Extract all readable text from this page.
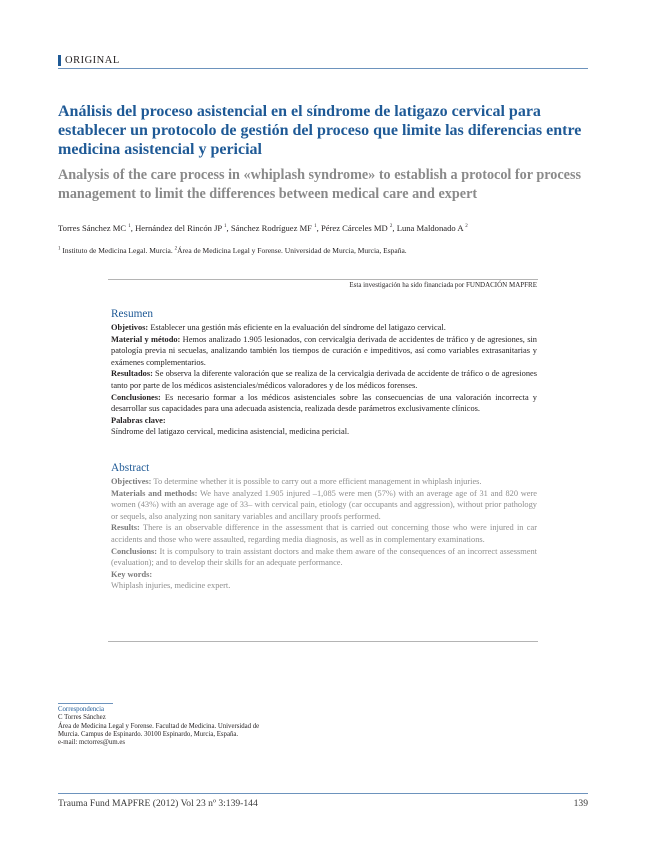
ORIGINAL
Análisis del proceso asistencial en el síndrome de latigazo cervical para establecer un protocolo de gestión del proceso que limite las diferencias entre medicina asistencial y pericial
Analysis of the care process in «whiplash syndrome» to establish a protocol for process management to limit the differences between medical care and expert
Torres Sánchez MC $^1$, Hernández del Rincón JP $^1$, Sánchez Rodríguez MF $^1$, Pérez Cárceles MD $^2$, Luna Maldonado A $^2$
$^1$ Instituto de Medicina Legal. Murcia. $^2$Área de Medicina Legal y Forense. Universidad de Murcia, Murcia, España.
Esta investigación ha sido financiada por FUNDACIÓN MAPFRE
Resumen

Objetivos: Establecer una gestión más eficiente en la evaluación del síndrome del latigazo cervical.

Material y método: Hemos analizado 1.905 lesionados, con cervicalgia derivada de accidentes de tráfico y de agresiones, sin patología previa ni secuelas, analizando también los tiempos de curación e impeditivos, así como variables extrasanitarias y exámenes complementarios.

Resultados: Se observa la diferente valoración que se realiza de la cervicalgia derivada de accidente de tráfico o de agresiones tanto por parte de los médicos asistenciales/médicos valoradores y de los médicos forenses.

Conclusiones: Es necesario formar a los médicos asistenciales sobre las consecuencias de una valoración incorrecta y desarrollar sus capacidades para una adecuada asistencia, realizada desde parámetros exclusivamente clínicos.

Palabras clave:

Síndrome del latigazo cervical, medicina asistencial, medicina pericial.

Abstract

Objectives: To determine whether it is possible to carry out a more efficient management in whiplash injuries.

Materials and methods: We have analyzed 1.905 injured –1,085 were men (57%) with an average age of 31 and 820 were women (43%) with an average age of 33– with cervical pain, etiology (car occupants and aggression), without prior pathology or sequels, also analyzing non sanitary variables and ancillary proofs performed.

Results: There is an observable difference in the assessment that is carried out concerning those who were injured in car accidents and those who were assaulted, regarding media diagnosis, as well as in complementary examinations.

Conclusions: It is compulsory to train assistant doctors and make them aware of the consequences of an incorrect assessment (evaluation); and to develop their skills for an adequate performance.

Key words:

Whiplash injuries, medicine expert.

Correspondencia
C Torres Sánchez
Área de Medicina Legal y Forense. Facultad de Medicina. Universidad de
Murcia. Campus de Espinardo. 30100 Espinardo, Murcia, España.
e-mail: mctorres@um.es
Trauma Fund MAPFRE (2012) Vol 23 nº 3:139-144	139
